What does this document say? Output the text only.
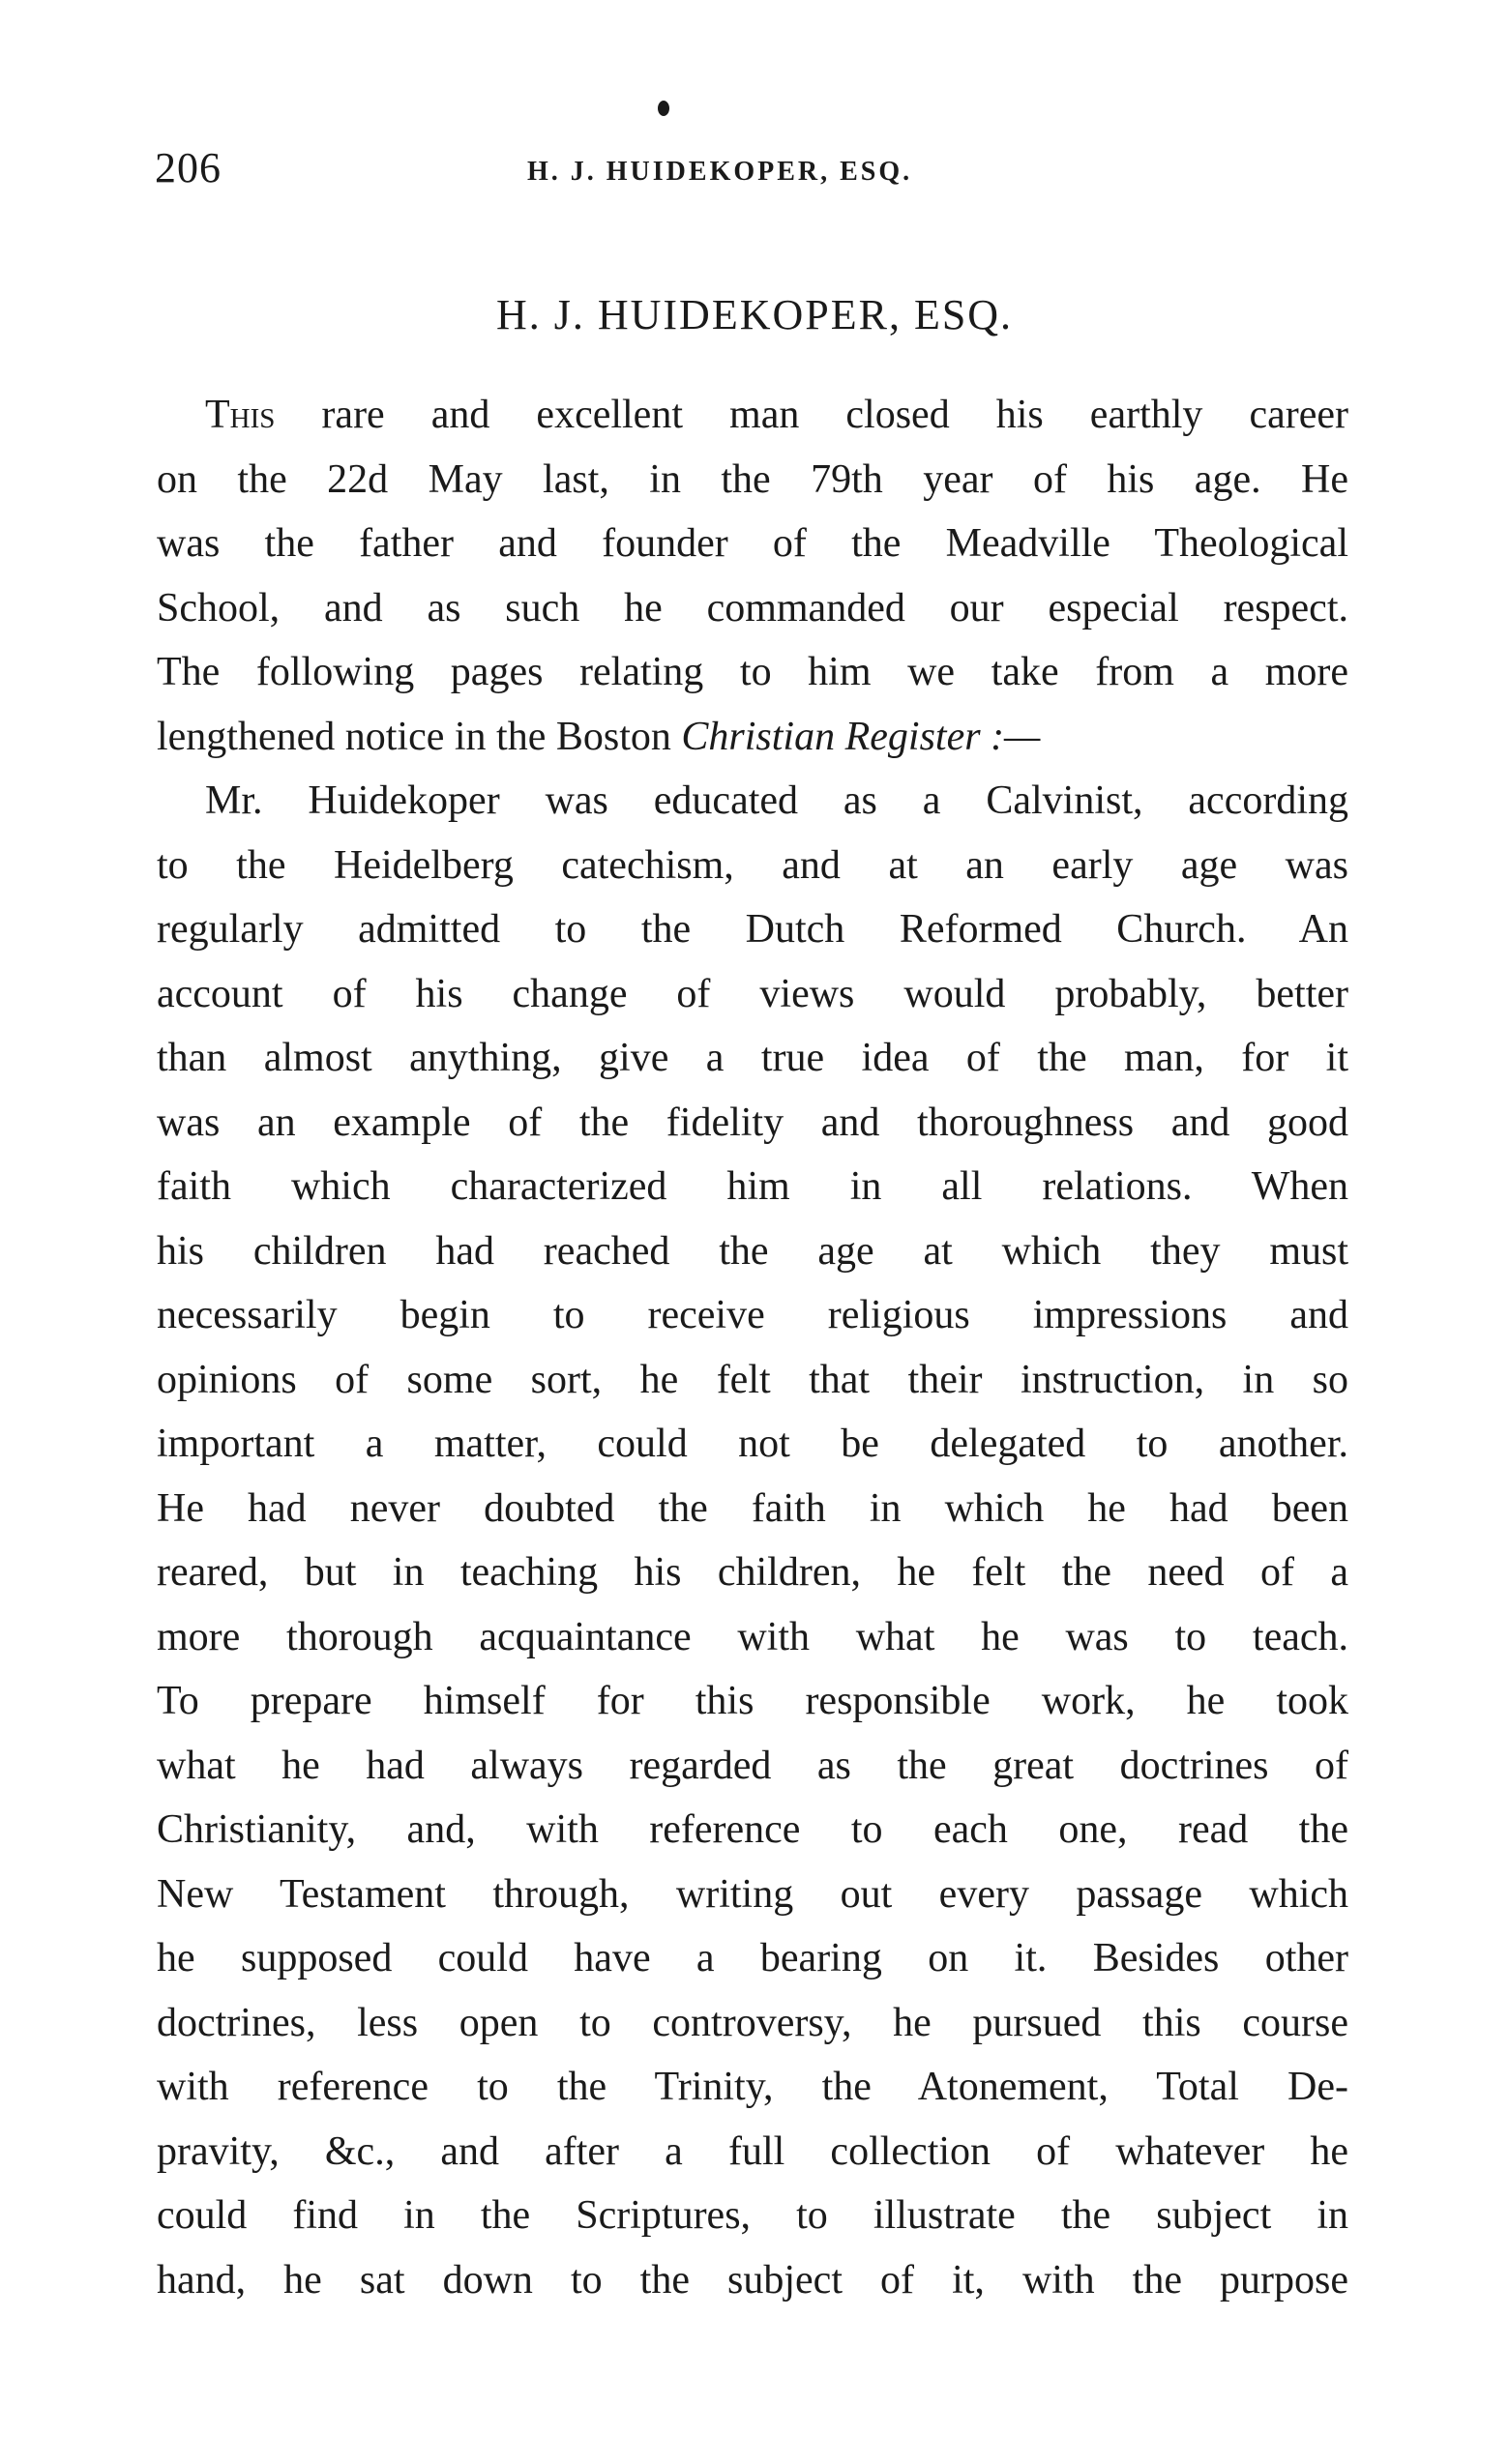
206	H. J. HUIDEKOPER, ESQ.
H. J. HUIDEKOPER, ESQ.
This rare and excellent man closed his earthly career
on the 22d May last, in the 79th year of his age. He
was the father and founder of the Meadville Theological
School, and as such he commanded our especial respect.
The following pages relating to him we take from a more
lengthened notice in the Boston Christian Register :—
Mr. Huidekoper was educated as a Calvinist, according
to the Heidelberg catechism, and at an early age was
regularly admitted to the Dutch Reformed Church. An
account of his change of views would probably, better
than almost anything, give a true idea of the man, for it
was an example of the fidelity and thoroughness and good
faith which characterized him in all relations. When
his children had reached the age at which they must
necessarily begin to receive religious impressions and
opinions of some sort, he felt that their instruction, in so
important a matter, could not be delegated to another.
He had never doubted the faith in which he had been
reared, but in teaching his children, he felt the need of a
more thorough acquaintance with what he was to teach.
To prepare himself for this responsible work, he took
what he had always regarded as the great doctrines of
Christianity, and, with reference to each one, read the
New Testament through, writing out every passage which
he supposed could have a bearing on it. Besides other
doctrines, less open to controversy, he pursued this course
with reference to the Trinity, the Atonement, Total De-
pravity, &c., and after a full collection of whatever he
could find in the Scriptures, to illustrate the subject in
hand, he sat down to the subject of it, with the purpose
